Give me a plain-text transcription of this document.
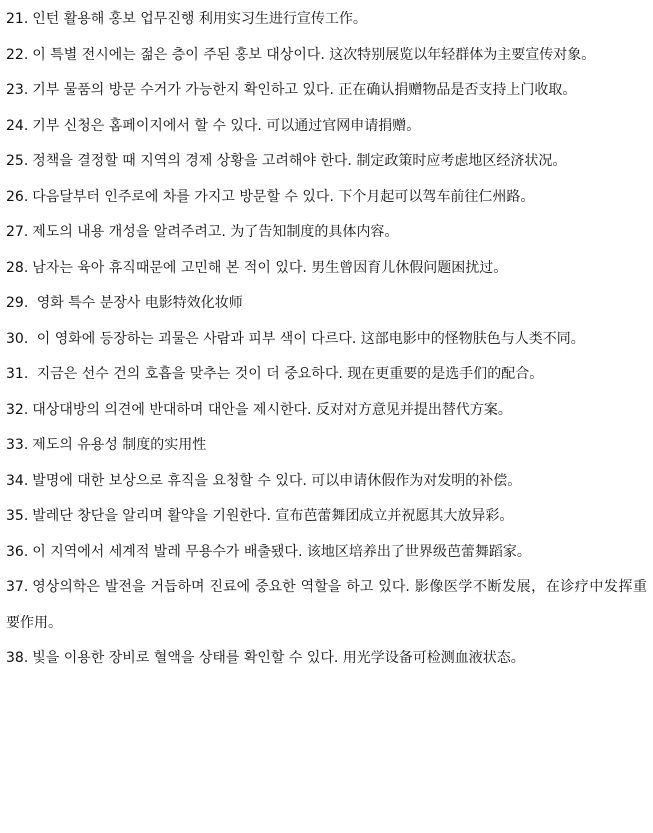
21. 인턴 활용해 홍보 업무진행 利用实习生进行宣传工作。

22. 이 특별 전시에는 젊은 층이 주된 홍보 대상이다. 这次特别展览以年轻群体为主要宣传对象。

23. 기부 물품의 방문 수거가 가능한지 확인하고 있다. 正在确认捐赠物品是否支持上门收取。

24. 기부 신청은 홈페이지에서 할 수 있다. 可以通过官网申请捐赠。

25. 정책을 결정할 때 지역의 경제 상황을 고려해야 한다. 制定政策时应考虑地区经济状况。

26. 다음달부터 인주로에 차를 가지고 방문할 수 있다. 下个月起可以驾车前往仁州路。

27. 제도의 내용 개성을 알려주려고. 为了告知制度的具体内容。

28. 남자는 육아 휴직때문에 고민해 본 적이 있다. 男生曾因育儿休假问题困扰过。

29. 영화 특수 분장사 电影特效化妆师

30. 이 영화에 등장하는 괴물은 사람과 피부 색이 다르다. 这部电影中的怪物肤色与人类不同。

31. 지금은 선수 건의 호흡을 맞추는 것이 더 중요하다. 现在更重要的是选手们的配合。

32. 대상대방의 의견에 반대하며 대안을 제시한다. 反对对方意见并提出替代方案。

33. 제도의 유용성 制度的实用性

34. 발명에 대한 보상으로 휴직을 요청할 수 있다. 可以申请休假作为对发明的补偿。

35. 발레단 창단을 알리며 활약을 기원한다. 宣布芭蕾舞团成立并祝愿其大放异彩。

36. 이 지역에서 세계적 발레 무용수가 배출됐다. 该地区培养出了世界级芭蕾舞蹈家。

37. 영상의학은 발전을 거듭하며 진료에 중요한 역할을 하고 있다. 影像医学不断发展，在诊疗中发挥重要作用。

38. 빛을 이용한 장비로 혈액을 상태를 확인할 수 있다. 用光学设备可检测血液状态。
